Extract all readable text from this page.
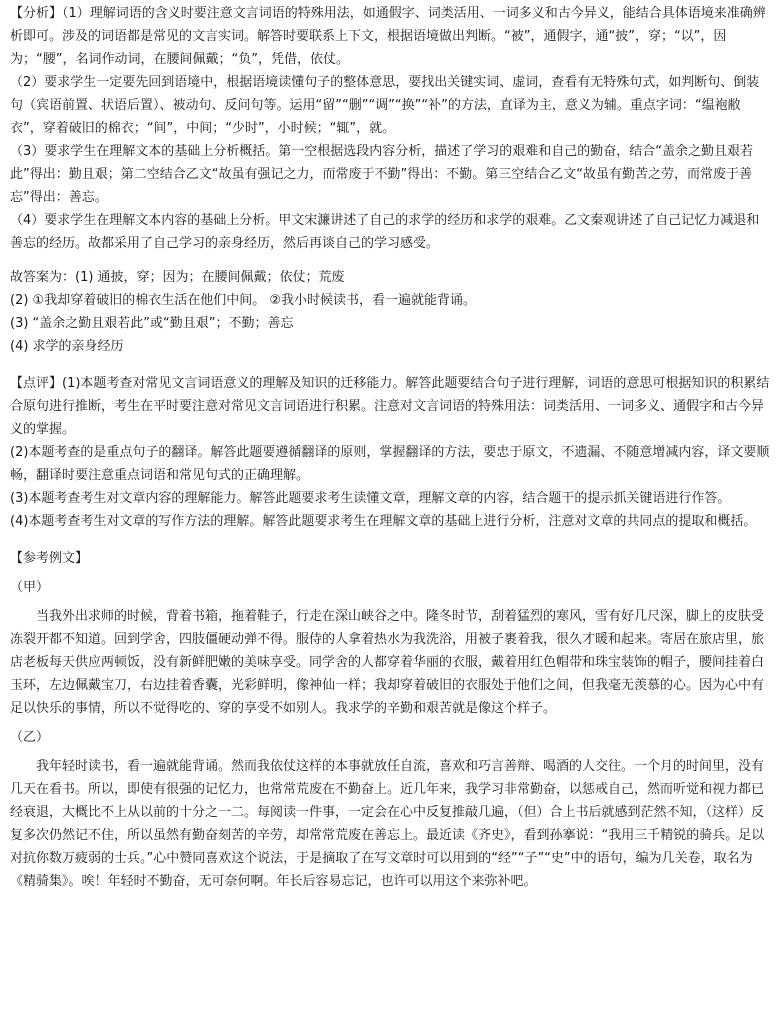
【分析】（1）理解词语的含义时要注意文言词语的特殊用法，如通假字、词类活用、一词多义和古今异义，能结合具体语境来准确辨析即可。涉及的词语都是常见的文言实词。解答时要联系上下文，根据语境做出判断。“被”，通假字，通“披”，穿；“以”，因为；“腰”，名词作动词，在腰间佩戴；“负”，凭借，依仗。

（2）要求学生一定要先回到语境中，根据语境读懂句子的整体意思，要找出关键实词、虚词，查看有无特殊句式，如判断句、倒装句（宾语前置、状语后置）、被动句、反问句等。运用“留”“删”“调”“换”“补”的方法，直译为主，意义为辅。重点字词：“缊袍敝衣”，穿着破旧的棉衣；“间”，中间；“少时”，小时候；“辄”，就。

（3）要求学生在理解文本的基础上分析概括。第一空根据选段内容分析，描述了学习的艰难和自己的勤奋，结合“盖余之勤且艰若此”得出：勤且艰；第二空结合乙文“故虽有强记之力，而常废于不勤”得出：不勤。第三空结合乙文“故虽有勤苦之劳，而常废于善忘”得出：善忘。

（4）要求学生在理解文本内容的基础上分析。甲文宋濂讲述了自己的求学的经历和求学的艰难。乙文秦观讲述了自己记忆力减退和善忘的经历。故都采用了自己学习的亲身经历，然后再谈自己的学习感受。

故答案为：(1) 通披，穿；因为；在腰间佩戴；依仗；荒废

(2) ①我却穿着破旧的棉衣生活在他们中间。 ②我小时候读书，看一遍就能背诵。

(3) “盖余之勤且艰若此”或“勤且艰”；不勤；善忘

(4) 求学的亲身经历

【点评】(1)本题考查对常见文言词语意义的理解及知识的迁移能力。解答此题要结合句子进行理解，词语的意思可根据知识的积累结合原句进行推断，考生在平时要注意对常见文言词语进行积累。注意对文言词语的特殊用法：词类活用、一词多义、通假字和古今异义的掌握。

(2)本题考查的是重点句子的翻译。解答此题要遵循翻译的原则，掌握翻译的方法，要忠于原文，不遗漏、不随意增减内容，译文要顺畅，翻译时要注意重点词语和常见句式的正确理解。

(3)本题考查考生对文章内容的理解能力。解答此题要求考生读懂文章，理解文章的内容，结合题干的提示抓关键语进行作答。

(4)本题考查考生对文章的写作方法的理解。解答此题要求考生在理解文章的基础上进行分析，注意对文章的共同点的提取和概括。

【参考例文】

（甲）

当我外出求师的时候，背着书箱，拖着鞋子，行走在深山峡谷之中。隆冬时节，刮着猛烈的寒风，雪有好几尺深，脚上的皮肤受冻裂开都不知道。回到学舍，四肢僵硬动弹不得。服侍的人拿着热水为我洗浴，用被子裹着我，很久才暖和起来。寄居在旅店里，旅店老板每天供应两顿饭，没有新鲜肥嫩的美味享受。同学舍的人都穿着华丽的衣服，戴着用红色帽带和珠宝装饰的帽子，腰间挂着白玉环，左边佩戴宝刀，右边挂着香囊，光彩鲜明，像神仙一样；我却穿着破旧的衣服处于他们之间，但我毫无羡慕的心。因为心中有足以快乐的事情，所以不觉得吃的、穿的享受不如别人。我求学的辛勤和艰苦就是像这个样子。

（乙）

我年轻时读书，看一遍就能背诵。然而我依仗这样的本事就放任自流，喜欢和巧言善辩、喝酒的人交往。一个月的时间里，没有几天在看书。所以，即使有很强的记忆力，也常常荒废在不勤奋上。近几年来，我学习非常勤奋，以惩戒自己，然而听觉和视力都已经衰退，大概比不上从以前的十分之一二。每阅读一件事，一定会在心中反复推敲几遍，（但）合上书后就感到茫然不知，（这样）反复多次仍然记不住，所以虽然有勤奋刻苦的辛劳，却常常荒废在善忘上。最近读《齐史》，看到孙搴说：“我用三千精锐的骑兵。足以对抗你数万疲弱的士兵。”心中赞同喜欢这个说法，于是摘取了在写文章时可以用到的“经”“子”“史”中的语句，编为几关卷，取名为《精骑集》。唉！年轻时不勤奋，无可奈何啊。年长后容易忘记，也许可以用这个来弥补吧。
